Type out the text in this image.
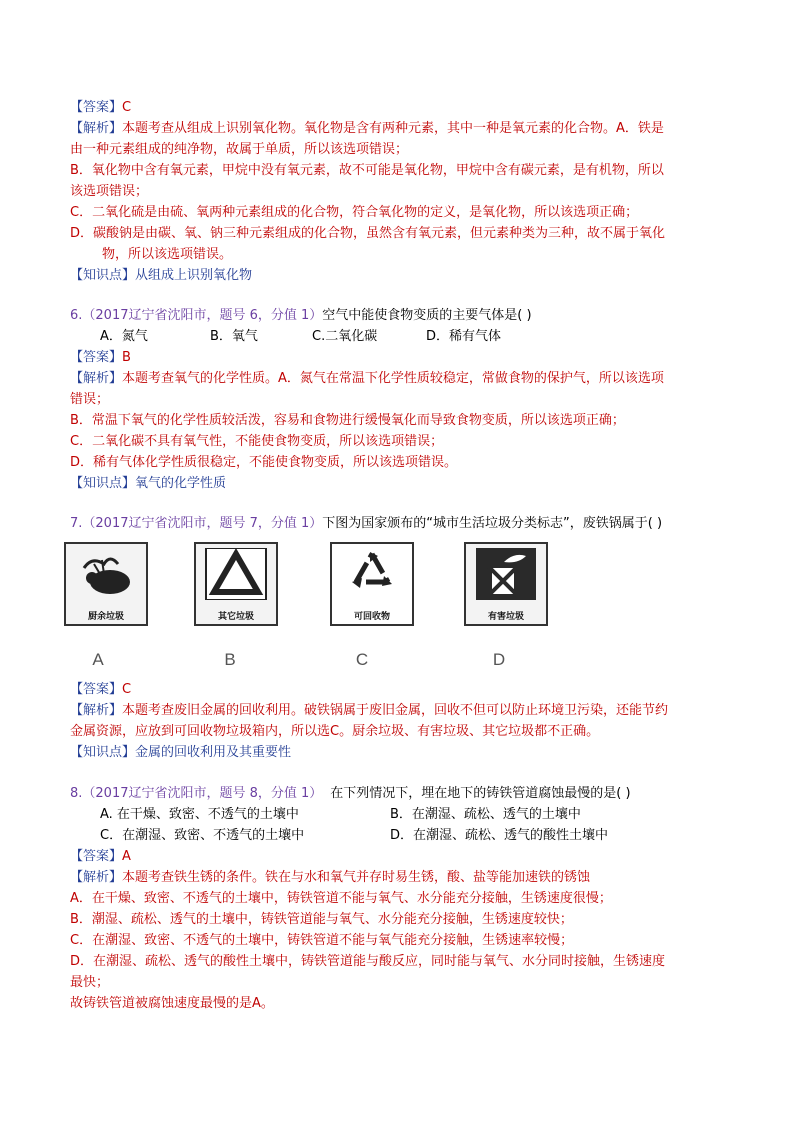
【答案】C
【解析】本题考查从组成上识别氧化物。氧化物是含有两种元素，其中一种是氧元素的化合物。A．铁是
由一种元素组成的纯净物，故属于单质，所以该选项错误；
B．氧化物中含有氧元素，甲烷中没有氧元素，故不可能是氧化物，甲烷中含有碳元素，是有机物，所以
该选项错误；
C．二氧化硫是由硫、氧两种元素组成的化合物，符合氧化物的定义，是氧化物，所以该选项正确；
D．碳酸钠是由碳、氧、钠三种元素组成的化合物，虽然含有氧元素，但元素种类为三种，故不属于氧化
物，所以该选项错误。
【知识点】从组成上识别氧化物
6.（2017辽宁省沈阳市，题号 6，分值 1）空气中能使食物变质的主要气体是( )
A．氮气	B．氧气	C.二氧化碳	D．稀有气体
【答案】B
【解析】本题考查氧气的化学性质。A．氮气在常温下化学性质较稳定，常做食物的保护气，所以该选项
错误；
B．常温下氧气的化学性质较活泼，容易和食物进行缓慢氧化而导致食物变质，所以该选项正确；
C．二氧化碳不具有氧气性，不能使食物变质，所以该选项错误；
D．稀有气体化学性质很稳定，不能使食物变质，所以该选项错误。
【知识点】氧气的化学性质
7.（2017辽宁省沈阳市，题号 7，分值 1）下图为国家颁布的“城市生活垃圾分类标志”，废铁锅属于( )
厨余垃圾	其它垃圾	可回收物	有害垃圾
A	B	C	D
【答案】C
【解析】本题考查废旧金属的回收利用。破铁锅属于废旧金属，回收不但可以防止环境卫污染，还能节约
金属资源，应放到可回收物垃圾箱内，所以选C。厨余垃圾、有害垃圾、其它垃圾都不正确。
【知识点】金属的回收利用及其重要性
8.（2017辽宁省沈阳市，题号 8，分值 1） 在下列情况下，埋在地下的铸铁管道腐蚀最慢的是( )
A. 在干燥、致密、不透气的土壤中	B．在潮湿、疏松、透气的土壤中
C．在潮湿、致密、不透气的土壤中	D．在潮湿、疏松、透气的酸性土壤中
【答案】A
【解析】本题考查铁生锈的条件。铁在与水和氧气并存时易生锈，酸、盐等能加速铁的锈蚀
A．在干燥、致密、不透气的土壤中，铸铁管道不能与氧气、水分能充分接触，生锈速度很慢；
B．潮湿、疏松、透气的土壤中，铸铁管道能与氧气、水分能充分接触，生锈速度较快；
C．在潮湿、致密、不透气的土壤中，铸铁管道不能与氧气能充分接触，生锈速率较慢；
D．在潮湿、疏松、透气的酸性土壤中，铸铁管道能与酸反应，同时能与氧气、水分同时接触，生锈速度
最快；
故铸铁管道被腐蚀速度最慢的是A。
